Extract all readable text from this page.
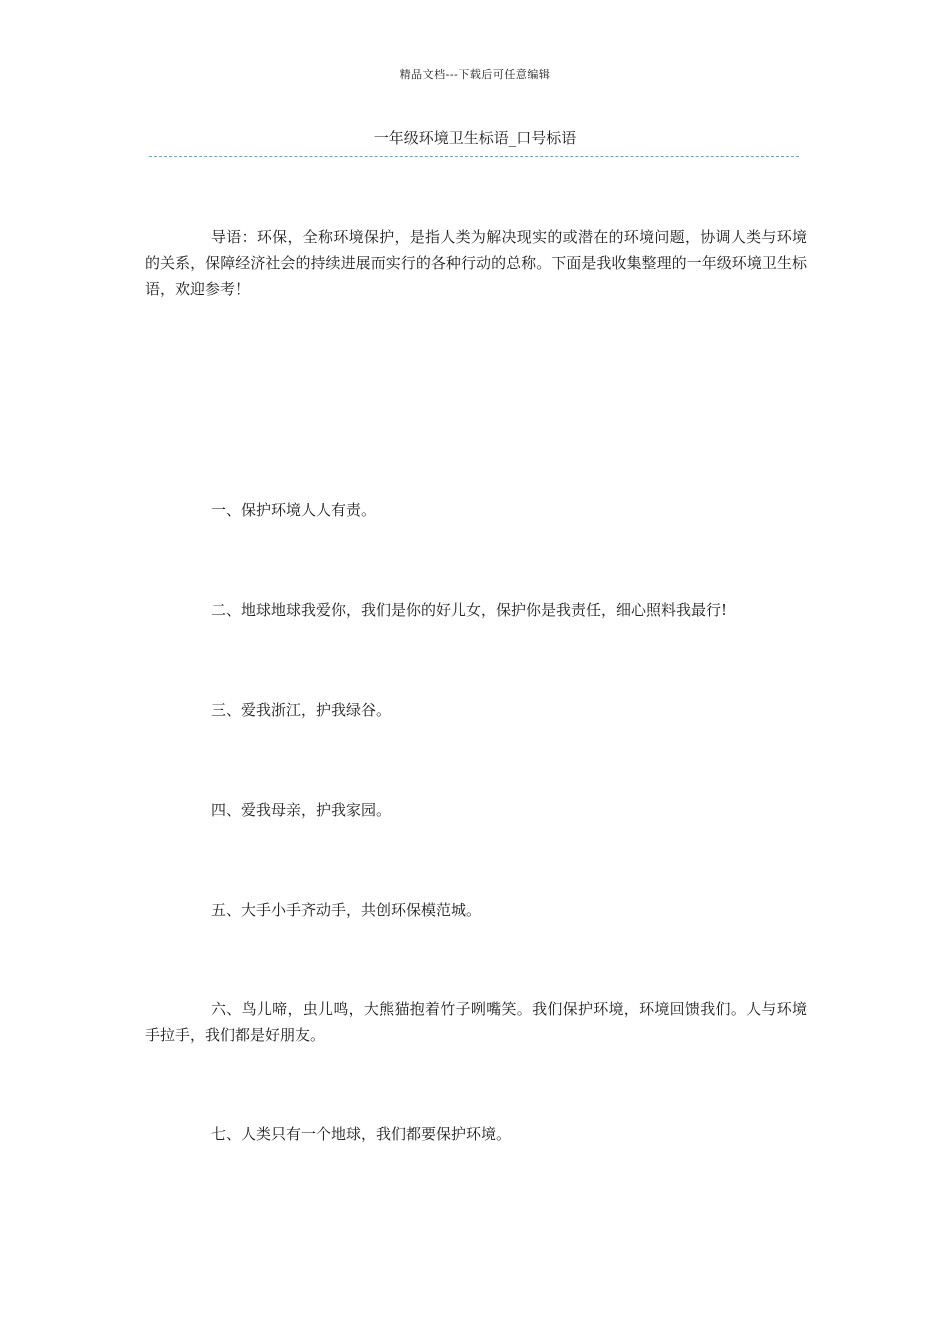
精品文档---下载后可任意编辑
一年级环境卫生标语_口号标语

导语：环保，全称环境保护，是指人类为解决现实的或潜在的环境问题，协调人类与环境的关系，保障经济社会的持续进展而实行的各种行动的总称。下面是我收集整理的一年级环境卫生标语，欢迎参考！

一、保护环境人人有责。

二、地球地球我爱你，我们是你的好儿女，保护你是我责任，细心照料我最行!

三、爱我浙江，护我绿谷。

四、爱我母亲，护我家园。

五、大手小手齐动手，共创环保模范城。

六、鸟儿啼，虫儿鸣，大熊猫抱着竹子咧嘴笑。我们保护环境，环境回馈我们。人与环境手拉手，我们都是好朋友。

七、人类只有一个地球，我们都要保护环境。
